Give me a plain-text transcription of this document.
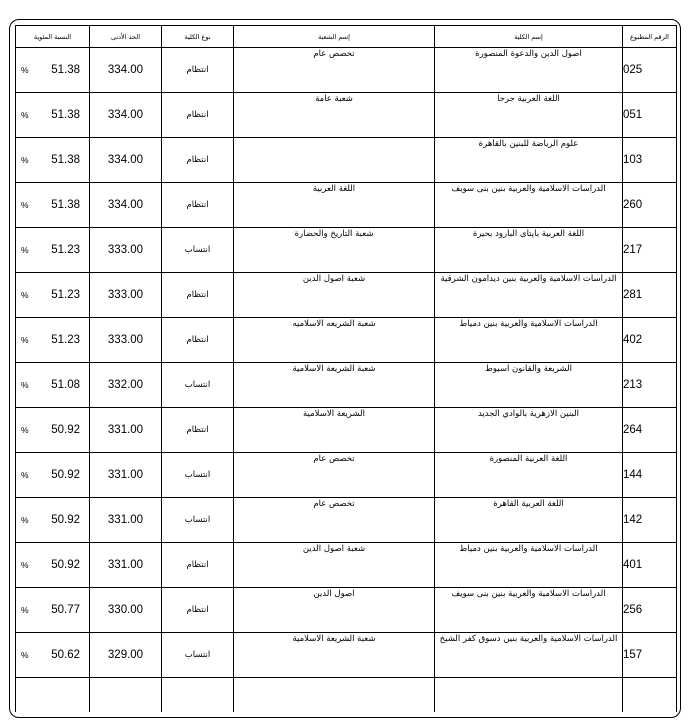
الرقم المطبوع	إسم الكلية	إسم الشعبة	نوع الكلية	الحد الأدنى	النسبة المئوية
025	اصول الدين والدعوة المنصورة	تخصص عام	انتظام	334.00	% 51.38

051	اللغة العربية جرجا	شعبة عامة	انتظام	334.00	% 51.38

103	علوم الرياضة للبنين بالقاهرة		انتظام	334.00	% 51.38

260	الدراسات الاسلامية والعربية بنين بنى سويف	اللغة العربية	انتظام	334.00	% 51.38

217	اللغة العربية بايتاى البارود بحيرة	شعبة التاريخ والحضارة	انتساب	333.00	% 51.23

281	الدراسات الاسلامية والعربية بنين ديدامون الشرقية	شعبة اصول الدين	انتظام	333.00	% 51.23

402	الدراسات الاسلامية والعربية بنين دمياط	شعبة الشريعه الاسلاميه	انتظام	333.00	% 51.23

213	الشريعة والقانون اسيوط	شعبة الشريعة الاسلامية	انتساب	332.00	% 51.08

264	البنين الازهرية بالوادي الجديد	الشريعة الاسلامية	انتظام	331.00	% 50.92

144	اللغة العربية المنصورة	تخصص عام	انتساب	331.00	% 50.92

142	اللغة العربية القاهرة	تخصص عام	انتساب	331.00	% 50.92

401	الدراسات الاسلامية والعربية بنين دمياط	شعبة اصول الدين	انتظام	331.00	% 50.92

256	الدراسات الاسلامية والعربية بنين بنى سويف	اصول الدين	انتظام	330.00	% 50.77

157	الدراسات الاسلامية والعربية بنين دسوق كفر الشيخ	شعبة الشريعة الاسلامية	انتساب	329.00	% 50.62
